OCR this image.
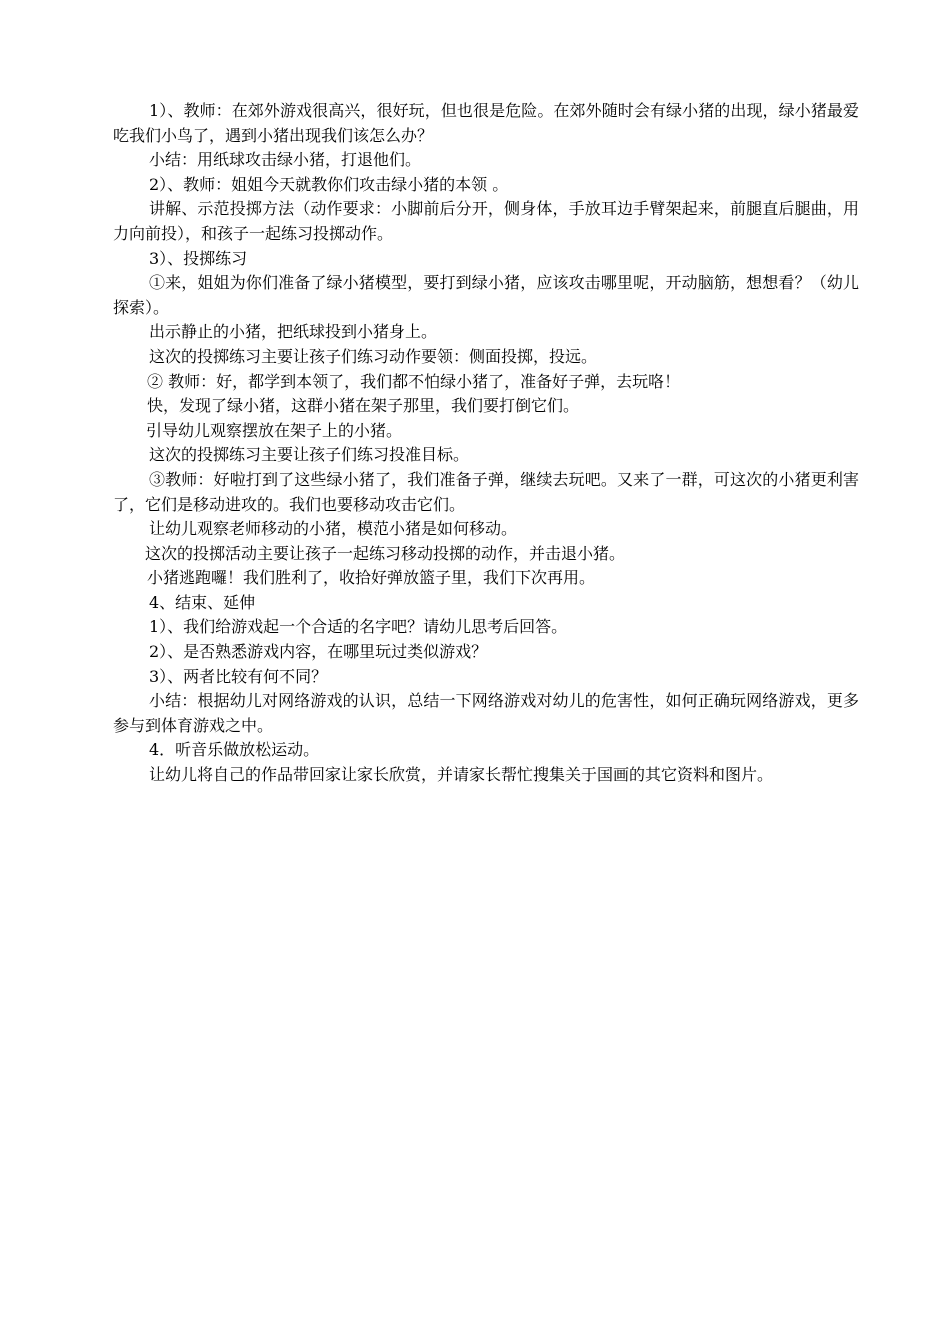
1）、教师：在郊外游戏很高兴，很好玩，但也很是危险。在郊外随时会有绿小猪的出现，绿小猪最爱吃我们小鸟了，遇到小猪出现我们该怎么办？

小结：用纸球攻击绿小猪，打退他们。

2）、教师：姐姐今天就教你们攻击绿小猪的本领 。

讲解、示范投掷方法（动作要求：小脚前后分开，侧身体，手放耳边手臂架起来，前腿直后腿曲，用力向前投），和孩子一起练习投掷动作。

3）、投掷练习

①来，姐姐为你们准备了绿小猪模型，要打到绿小猪，应该攻击哪里呢，开动脑筋，想想看？（幼儿探索）。

出示静止的小猪，把纸球投到小猪身上。

这次的投掷练习主要让孩子们练习动作要领：侧面投掷，投远。

② 教师：好，都学到本领了，我们都不怕绿小猪了，准备好子弹，去玩咯！

快，发现了绿小猪，这群小猪在架子那里，我们要打倒它们。

引导幼儿观察摆放在架子上的小猪。

这次的投掷练习主要让孩子们练习投准目标。

③教师：好啦打到了这些绿小猪了，我们准备子弹，继续去玩吧。又来了一群，可这次的小猪更利害了，它们是移动进攻的。我们也要移动攻击它们。

让幼儿观察老师移动的小猪，模范小猪是如何移动。

这次的投掷活动主要让孩子一起练习移动投掷的动作，并击退小猪。

小猪逃跑囉！我们胜利了，收拾好弹放篮子里，我们下次再用。

4、结束、延伸

1）、我们给游戏起一个合适的名字吧？请幼儿思考后回答。

2）、是否熟悉游戏内容，在哪里玩过类似游戏？

3）、两者比较有何不同？

小结：根据幼儿对网络游戏的认识，总结一下网络游戏对幼儿的危害性，如何正确玩网络游戏，更多参与到体育游戏之中。

4．听音乐做放松运动。

让幼儿将自己的作品带回家让家长欣赏，并请家长帮忙搜集关于国画的其它资料和图片。
